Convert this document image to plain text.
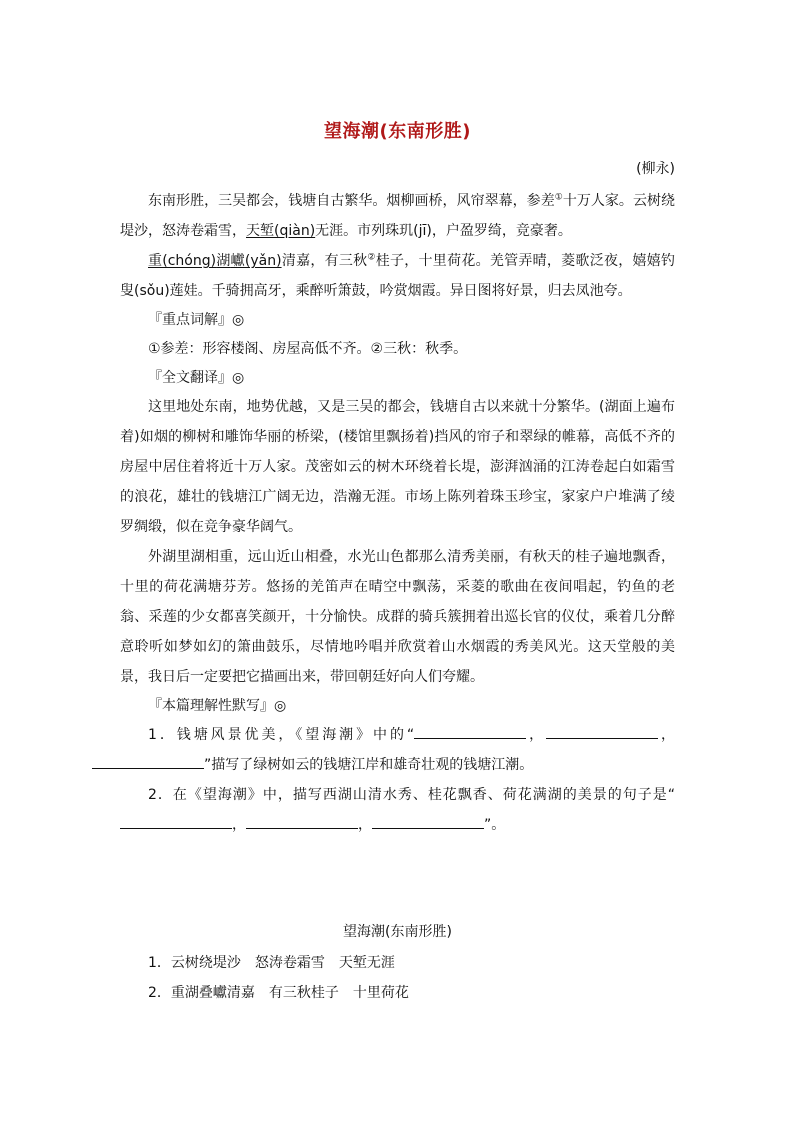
望海潮(东南形胜)
(柳永)

东南形胜，三吴都会，钱塘自古繁华。烟柳画桥，风帘翠幕，参差①十万人家。云树绕堤沙，怒涛卷霜雪，天堑(qiàn)无涯。市列珠玑(jī)，户盈罗绮，竞豪奢。

重(chóng)湖巘(yǎn)清嘉，有三秋②桂子，十里荷花。羌管弄晴，菱歌泛夜，嬉嬉钓叟(sǒu)莲娃。千骑拥高牙，乘醉听箫鼓，吟赏烟霞。异日图将好景，归去凤池夸。

『重点词解』◎

①参差：形容楼阁、房屋高低不齐。②三秋：秋季。

『全文翻译』◎

这里地处东南，地势优越，又是三吴的都会，钱塘自古以来就十分繁华。(湖面上遍布着)如烟的柳树和雕饰华丽的桥梁，(楼馆里飘扬着)挡风的帘子和翠绿的帷幕，高低不齐的房屋中居住着将近十万人家。茂密如云的树木环绕着长堤，澎湃汹涌的江涛卷起白如霜雪的浪花，雄壮的钱塘江广阔无边，浩瀚无涯。市场上陈列着珠玉珍宝，家家户户堆满了绫罗绸缎，似在竞争豪华阔气。

外湖里湖相重，远山近山相叠，水光山色都那么清秀美丽，有秋天的桂子遍地飘香，十里的荷花满塘芬芳。悠扬的羌笛声在晴空中飘荡，采菱的歌曲在夜间唱起，钓鱼的老翁、采莲的少女都喜笑颜开，十分愉快。成群的骑兵簇拥着出巡长官的仪仗，乘着几分醉意聆听如梦如幻的箫曲鼓乐，尽情地吟唱并欣赏着山水烟霞的秀美风光。这天堂般的美景，我日后一定要把它描画出来，带回朝廷好向人们夸耀。

『本篇理解性默写』◎

1．钱塘风景优美，《望海潮》中的“	，	，”描写了绿树如云的钱塘江岸和雄奇壮观的钱塘江潮。

2．在《望海潮》中，描写西湖山清水秀、桂花飘香、荷花满湖的美景的句子是“，	，	”。

望海潮(东南形胜)

1．云树绕堤沙　怒涛卷霜雪　天堑无涯

2．重湖叠巘清嘉　有三秋桂子　十里荷花
